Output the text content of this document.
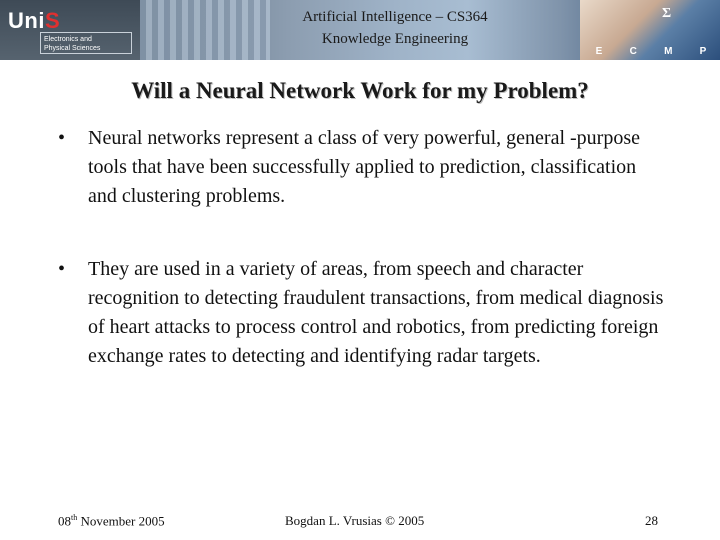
UniS
Electronics and
Physical Sciences
Artificial Intelligence – CS364
Knowledge Engineering
Σ
E	C	M	P
Will a Neural Network Work for my Problem?
• Neural networks represent a class of very powerful, general -purpose tools that have been successfully applied to prediction, classification and clustering problems.
• They are used in a variety of areas, from speech and character recognition to detecting fraudulent transactions, from medical diagnosis of heart attacks to process control and robotics, from predicting foreign exchange rates to detecting and identifying radar targets.
08th November 2005	Bogdan L. Vrusias © 2005	28
